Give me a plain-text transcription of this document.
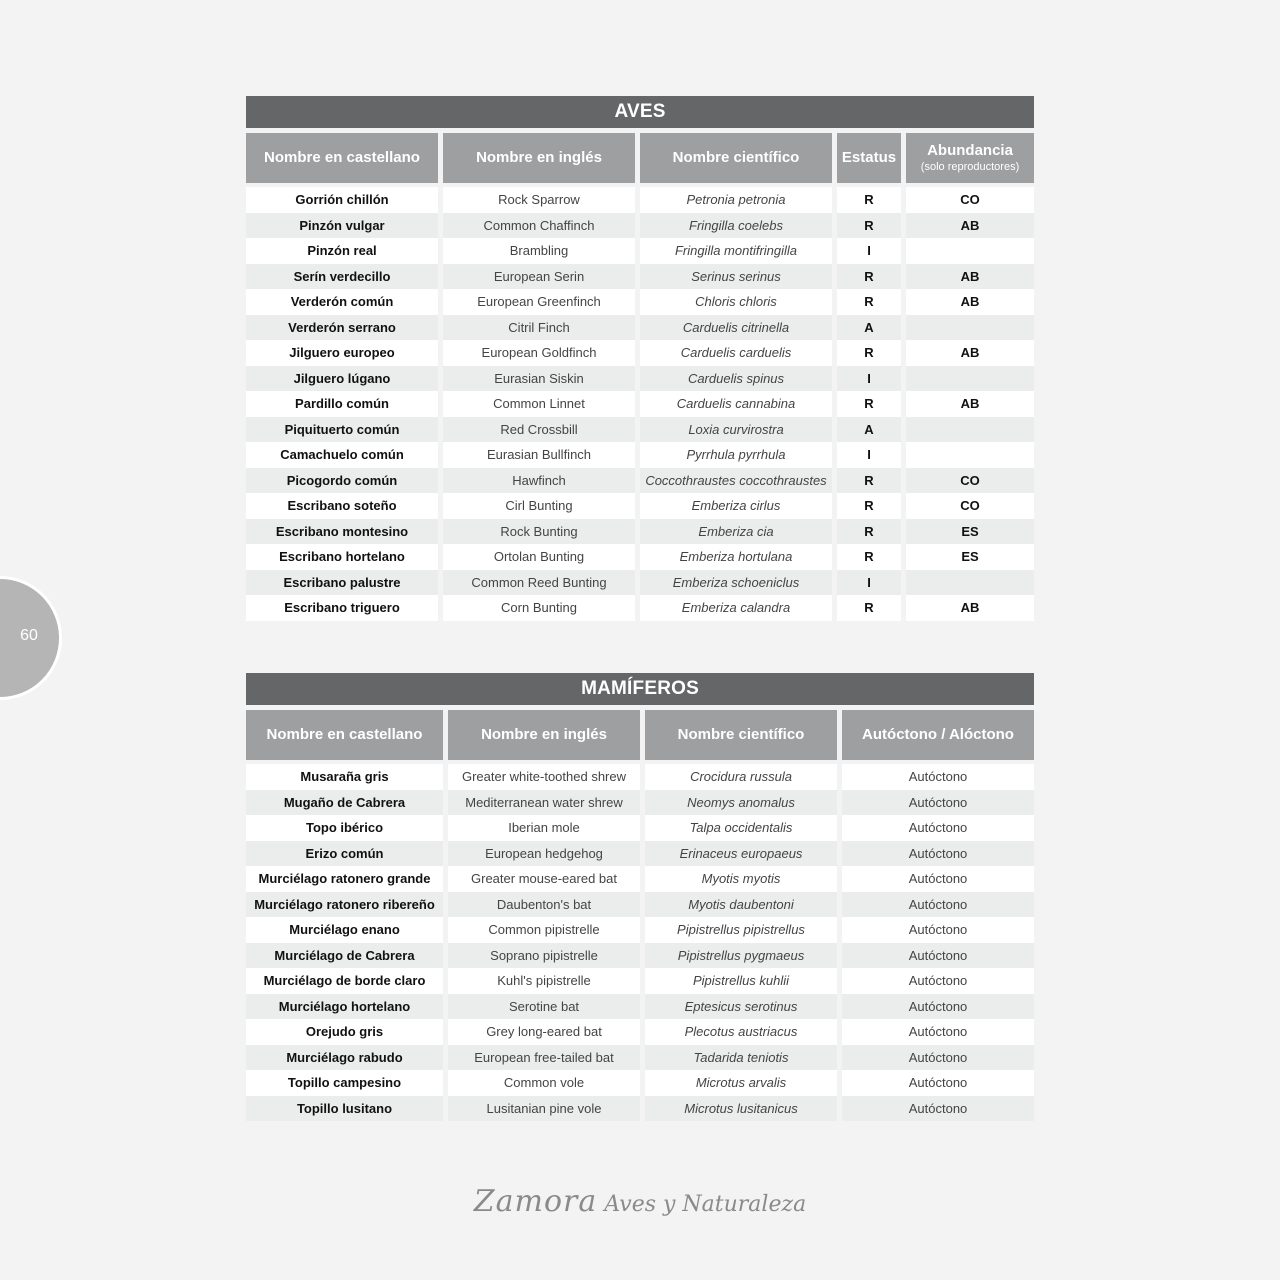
60
AVES				

Nombre en castellano	Nombre en inglés	Nombre científico	Estatus	Abundancia
(solo reproductores)

Gorrión chillón	Rock Sparrow	Petronia petronia	R	CO
Pinzón vulgar	Common Chaffinch	Fringilla coelebs	R	AB
Pinzón real	Brambling	Fringilla montifringilla	I	
Serín verdecillo	European Serin	Serinus serinus	R	AB
Verderón común	European Greenfinch	Chloris chloris	R	AB
Verderón serrano	Citril Finch	Carduelis citrinella	A	
Jilguero europeo	European Goldfinch	Carduelis carduelis	R	AB
Jilguero lúgano	Eurasian Siskin	Carduelis spinus	I	
Pardillo común	Common Linnet	Carduelis cannabina	R	AB
Piquituerto común	Red Crossbill	Loxia curvirostra	A	
Camachuelo común	Eurasian Bullfinch	Pyrrhula pyrrhula	I	
Picogordo común	Hawfinch	Coccothraustes coccothraustes	R	CO
Escribano soteño	Cirl Bunting	Emberiza cirlus	R	CO
Escribano montesino	Rock Bunting	Emberiza cia	R	ES
Escribano hortelano	Ortolan Bunting	Emberiza hortulana	R	ES
Escribano palustre	Common Reed Bunting	Emberiza schoeniclus	I	
Escribano triguero	Corn Bunting	Emberiza calandra	R	AB
MAMÍFEROS			

Nombre en castellano	Nombre en inglés	Nombre científico	Autóctono / Alóctono

Musaraña gris	Greater white-toothed shrew	Crocidura russula	Autóctono
Mugaño de Cabrera	Mediterranean water shrew	Neomys anomalus	Autóctono
Topo ibérico	Iberian mole	Talpa occidentalis	Autóctono
Erizo común	European hedgehog	Erinaceus europaeus	Autóctono
Murciélago ratonero grande	Greater mouse-eared bat	Myotis myotis	Autóctono
Murciélago ratonero ribereño	Daubenton's bat	Myotis daubentoni	Autóctono
Murciélago enano	Common pipistrelle	Pipistrellus pipistrellus	Autóctono
Murciélago de Cabrera	Soprano pipistrelle	Pipistrellus pygmaeus	Autóctono
Murciélago de borde claro	Kuhl's pipistrelle	Pipistrellus kuhlii	Autóctono
Murciélago hortelano	Serotine bat	Eptesicus serotinus	Autóctono
Orejudo gris	Grey long-eared bat	Plecotus austriacus	Autóctono
Murciélago rabudo	European free-tailed bat	Tadarida teniotis	Autóctono
Topillo campesino	Common vole	Microtus arvalis	Autóctono
Topillo lusitano	Lusitanian pine vole	Microtus lusitanicus	Autóctono
Zamora Aves y Naturaleza
